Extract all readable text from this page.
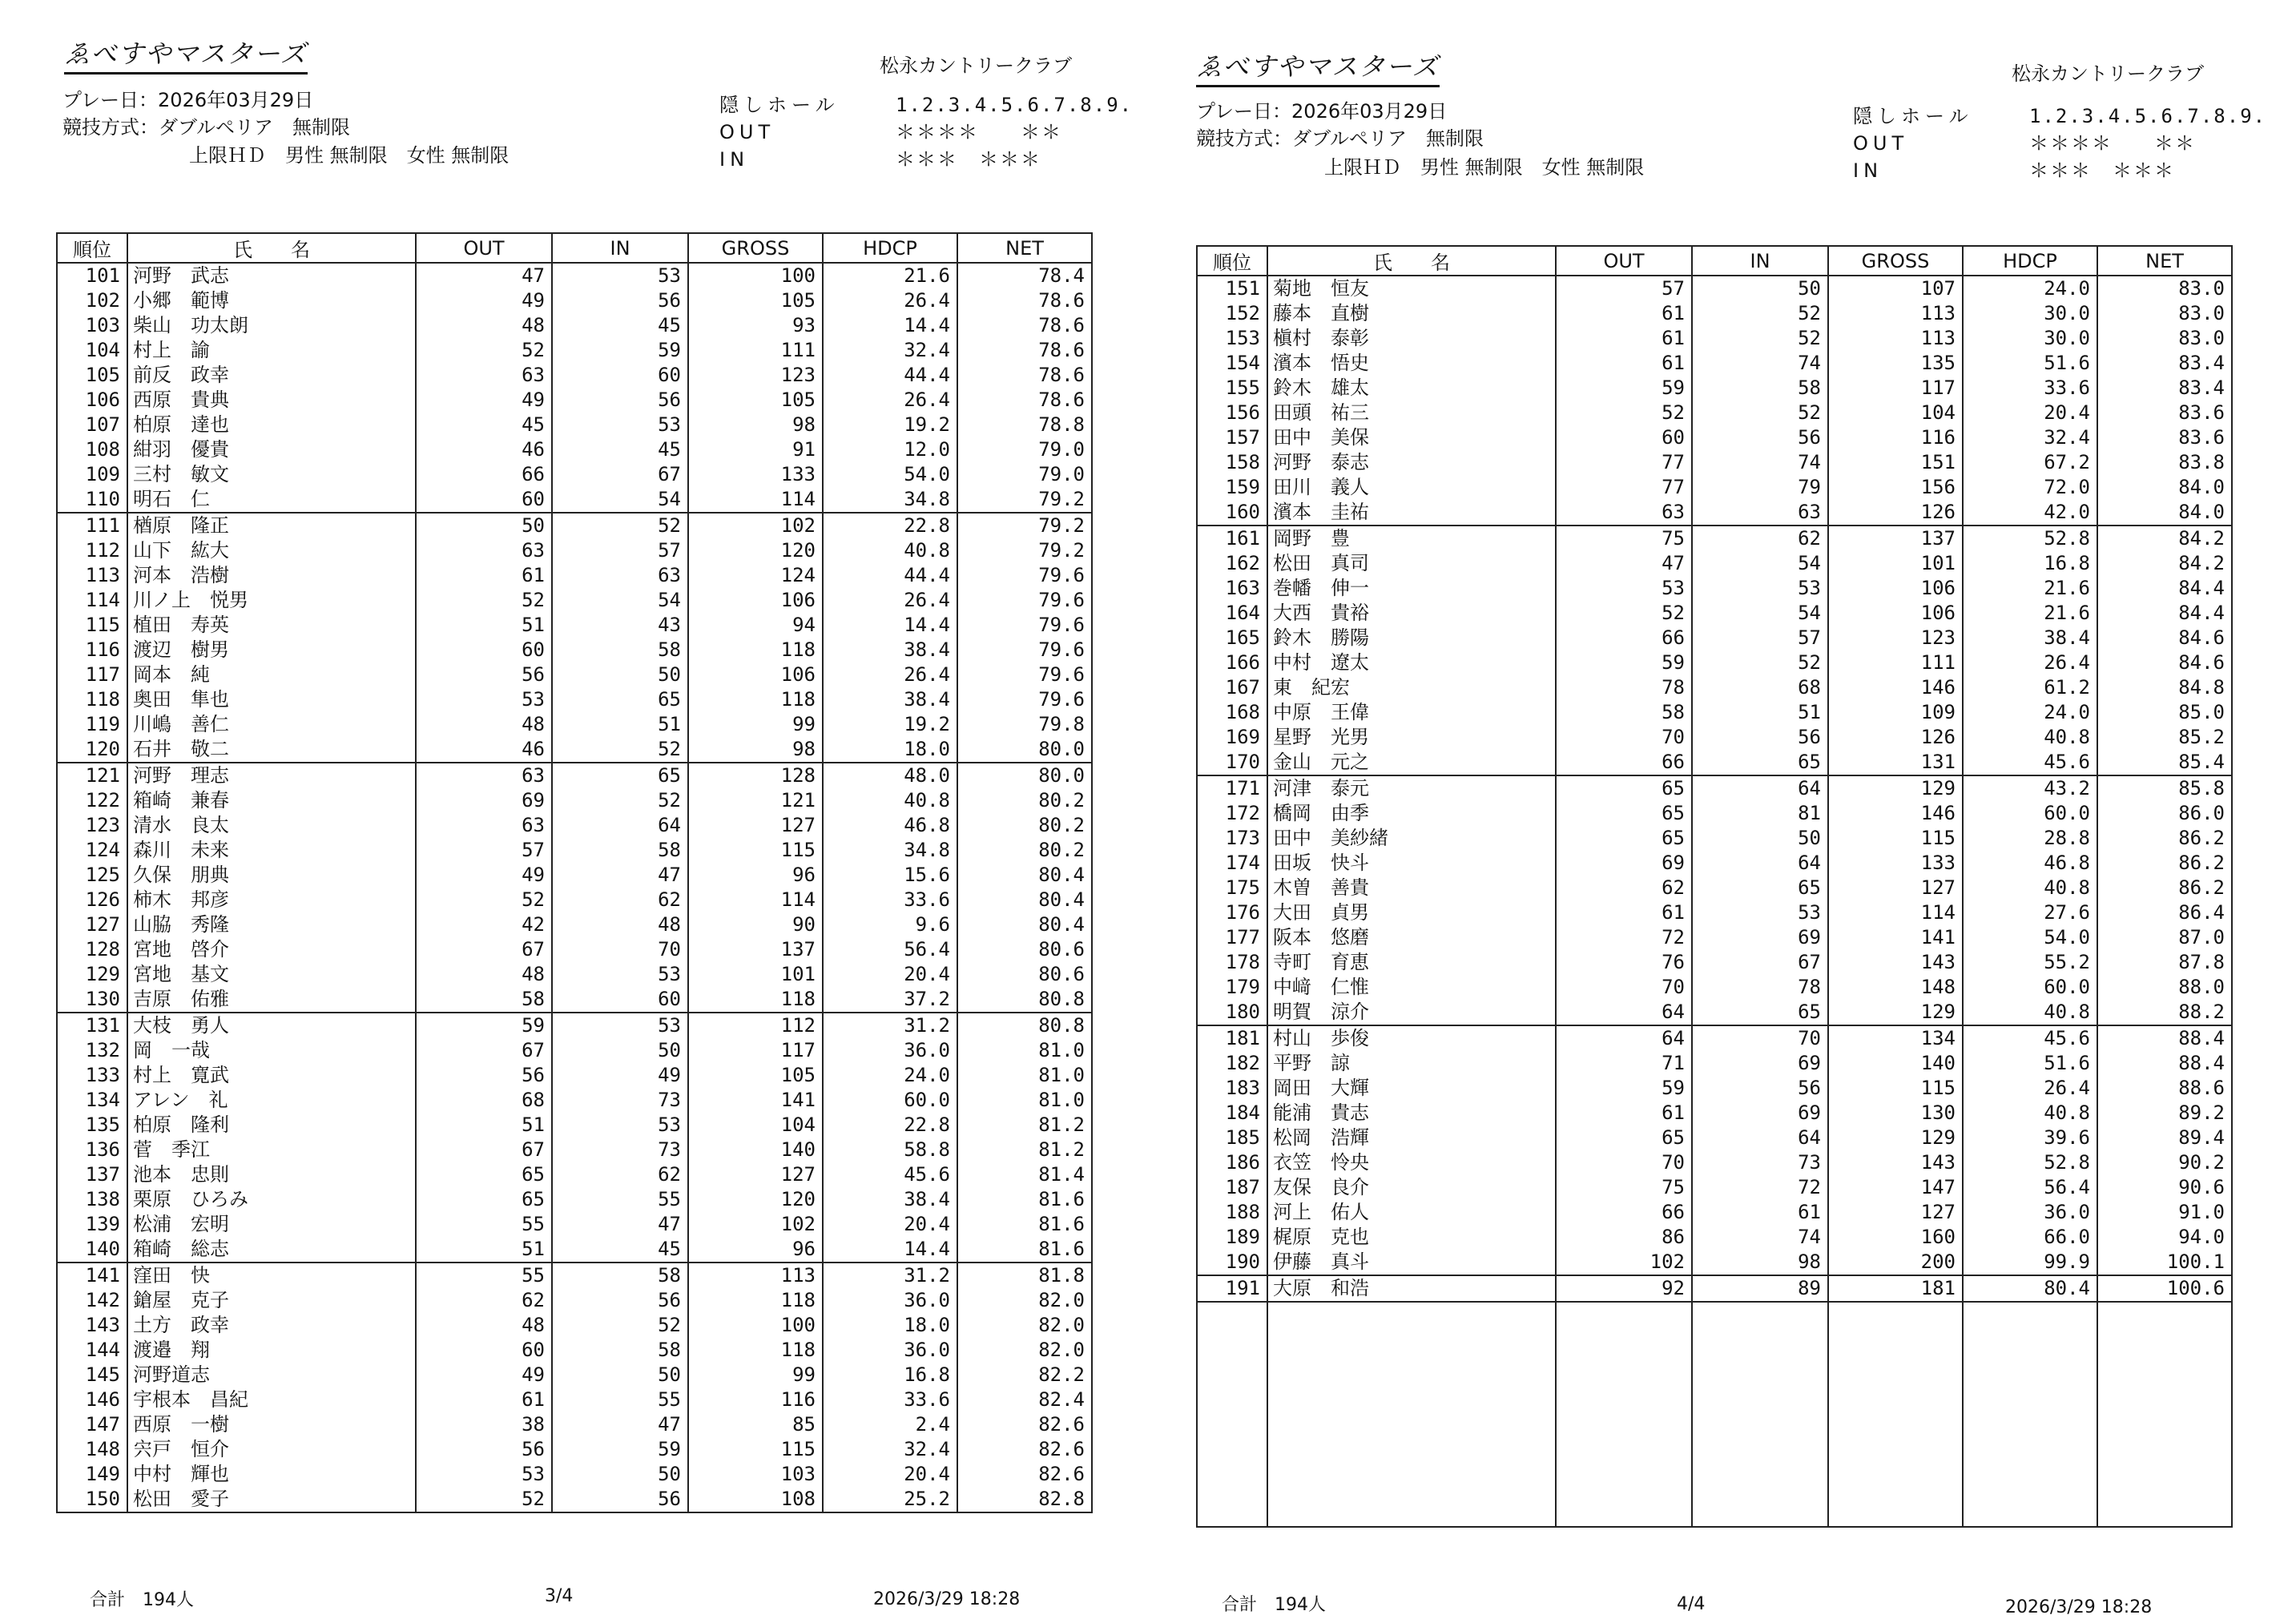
ゑべすやマスターズ	松永カントリークラブ
プレー日：2026年03月29日
競技方式：ダブルペリア　無制限
上限ＨＤ　男性 無制限　女性 無制限
隠しホール	1.2.3.4.5.6.7.8.9.
OUT	＊＊＊＊　　＊＊
IN	＊＊＊　＊＊＊
順位	氏　　名	OUT	IN	GROSS	HDCP	NET
101	河野　武志	47	53	100	21.6	78.4
102	小郷　範博	49	56	105	26.4	78.6
103	柴山　功太朗	48	45	93	14.4	78.6
104	村上　諭	52	59	111	32.4	78.6
105	前反　政幸	63	60	123	44.4	78.6
106	西原　貴典	49	56	105	26.4	78.6
107	柏原　達也	45	53	98	19.2	78.8
108	紺羽　優貴	46	45	91	12.0	79.0
109	三村　敏文	66	67	133	54.0	79.0
110	明石　仁	60	54	114	34.8	79.2
111	楢原　隆正	50	52	102	22.8	79.2
112	山下　紘大	63	57	120	40.8	79.2
113	河本　浩樹	61	63	124	44.4	79.6
114	川ノ上　悦男	52	54	106	26.4	79.6
115	植田　寿英	51	43	94	14.4	79.6
116	渡辺　樹男	60	58	118	38.4	79.6
117	岡本　純	56	50	106	26.4	79.6
118	奥田　隼也	53	65	118	38.4	79.6
119	川嶋　善仁	48	51	99	19.2	79.8
120	石井　敬二	46	52	98	18.0	80.0
121	河野　理志	63	65	128	48.0	80.0
122	箱崎　兼春	69	52	121	40.8	80.2
123	清水　良太	63	64	127	46.8	80.2
124	森川　未来	57	58	115	34.8	80.2
125	久保　朋典	49	47	96	15.6	80.4
126	柿木　邦彦	52	62	114	33.6	80.4
127	山脇　秀隆	42	48	90	9.6	80.4
128	宮地　啓介	67	70	137	56.4	80.6
129	宮地　基文	48	53	101	20.4	80.6
130	吉原　佑雅	58	60	118	37.2	80.8
131	大枝　勇人	59	53	112	31.2	80.8
132	岡　一哉	67	50	117	36.0	81.0
133	村上　寛武	56	49	105	24.0	81.0
134	アレン　礼	68	73	141	60.0	81.0
135	柏原　隆利	51	53	104	22.8	81.2
136	菅　季江	67	73	140	58.8	81.2
137	池本　忠則	65	62	127	45.6	81.4
138	栗原　ひろみ	65	55	120	38.4	81.6
139	松浦　宏明	55	47	102	20.4	81.6
140	箱崎　総志	51	45	96	14.4	81.6
141	窪田　快	55	58	113	31.2	81.8
142	鎗屋　克子	62	56	118	36.0	82.0
143	土方　政幸	48	52	100	18.0	82.0
144	渡邉　翔	60	58	118	36.0	82.0
145	河野道志	49	50	99	16.8	82.2
146	宇根本　昌紀	61	55	116	33.6	82.4
147	西原　一樹	38	47	85	2.4	82.6
148	宍戸　恒介	56	59	115	32.4	82.6
149	中村　輝也	53	50	103	20.4	82.6
150	松田　愛子	52	56	108	25.2	82.8
合計　194人	3/4	2026/3/29 18:28
ゑべすやマスターズ	松永カントリークラブ
プレー日：2026年03月29日
競技方式：ダブルペリア　無制限
上限ＨＤ　男性 無制限　女性 無制限
隠しホール	1.2.3.4.5.6.7.8.9.
OUT	＊＊＊＊　　＊＊
IN	＊＊＊　＊＊＊
順位	氏　　名	OUT	IN	GROSS	HDCP	NET
151	菊地　恒友	57	50	107	24.0	83.0
152	藤本　直樹	61	52	113	30.0	83.0
153	槇村　泰彰	61	52	113	30.0	83.0
154	濱本　悟史	61	74	135	51.6	83.4
155	鈴木　雄太	59	58	117	33.6	83.4
156	田頭　祐三	52	52	104	20.4	83.6
157	田中　美保	60	56	116	32.4	83.6
158	河野　泰志	77	74	151	67.2	83.8
159	田川　義人	77	79	156	72.0	84.0
160	濱本　圭祐	63	63	126	42.0	84.0
161	岡野　豊	75	62	137	52.8	84.2
162	松田　真司	47	54	101	16.8	84.2
163	巻幡　伸一	53	53	106	21.6	84.4
164	大西　貴裕	52	54	106	21.6	84.4
165	鈴木　勝陽	66	57	123	38.4	84.6
166	中村　遼太	59	52	111	26.4	84.6
167	東　紀宏	78	68	146	61.2	84.8
168	中原　王偉	58	51	109	24.0	85.0
169	星野　光男	70	56	126	40.8	85.2
170	金山　元之	66	65	131	45.6	85.4
171	河津　泰元	65	64	129	43.2	85.8
172	橋岡　由季	65	81	146	60.0	86.0
173	田中　美紗緒	65	50	115	28.8	86.2
174	田坂　快斗	69	64	133	46.8	86.2
175	木曽　善貴	62	65	127	40.8	86.2
176	大田　貞男	61	53	114	27.6	86.4
177	阪本　悠磨	72	69	141	54.0	87.0
178	寺町　育恵	76	67	143	55.2	87.8
179	中﨑　仁惟	70	78	148	60.0	88.0
180	明賀　涼介	64	65	129	40.8	88.2
181	村山　歩俊	64	70	134	45.6	88.4
182	平野　諒	71	69	140	51.6	88.4
183	岡田　大輝	59	56	115	26.4	88.6
184	能浦　貴志	61	69	130	40.8	89.2
185	松岡　浩輝	65	64	129	39.6	89.4
186	衣笠　怜央	70	73	143	52.8	90.2
187	友保　良介	75	72	147	56.4	90.6
188	河上　佑人	66	61	127	36.0	91.0
189	梶原　克也	86	74	160	66.0	94.0
190	伊藤　真斗	102	98	200	99.9	100.1
191	大原　和浩	92	89	181	80.4	100.6

合計　194人	4/4	2026/3/29 18:28
